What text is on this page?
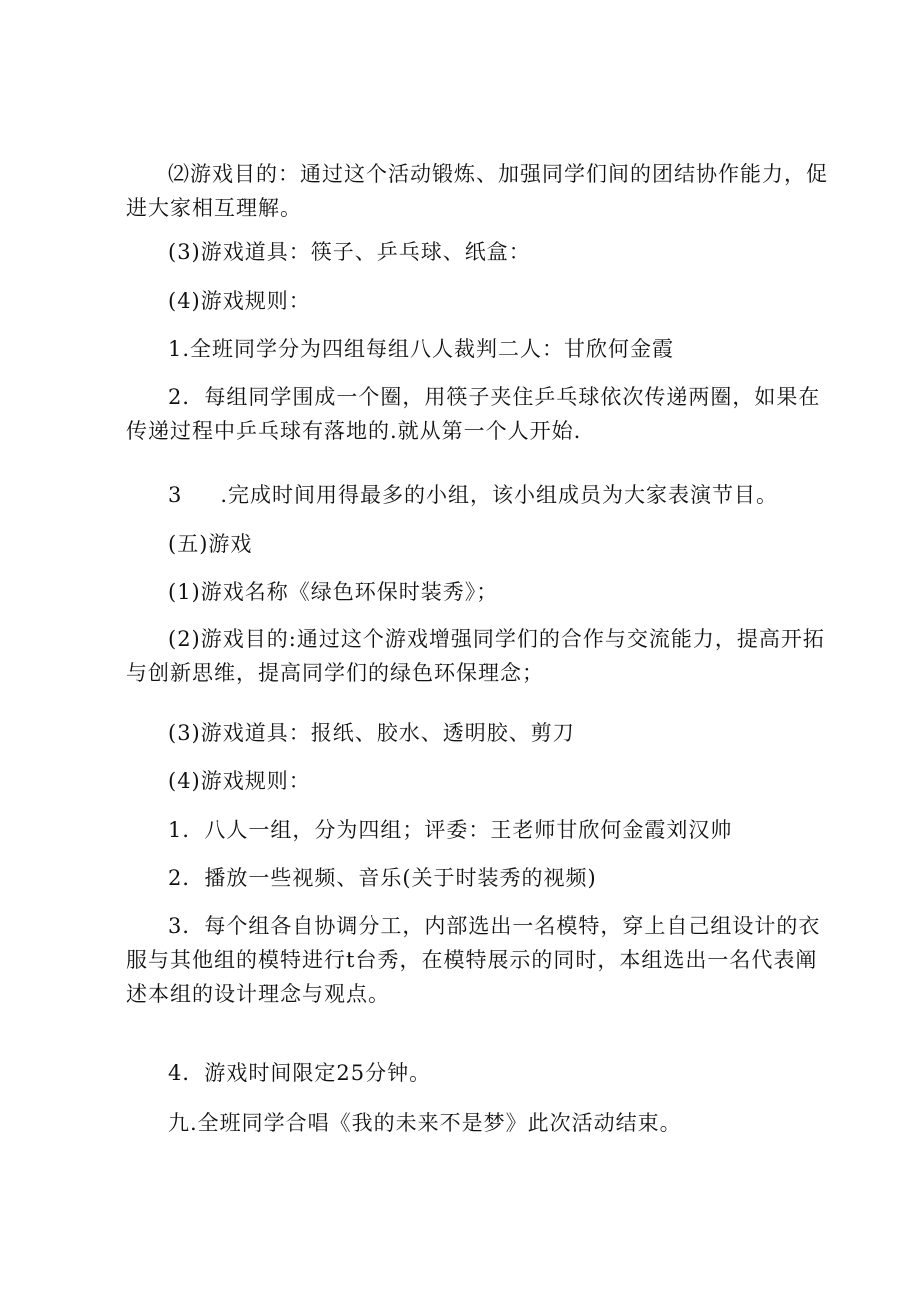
⑵游戏目的：通过这个活动锻炼、加强同学们间的团结协作能力，促进大家相互理解。

(3)游戏道具：筷子、乒乓球、纸盒：

(4)游戏规则：

1.全班同学分为四组每组八人裁判二人：甘欣何金霞

2．每组同学围成一个圈，用筷子夹住乒乓球依次传递两圈，如果在传递过程中乒乓球有落地的.就从第一个人开始.

3 .完成时间用得最多的小组，该小组成员为大家表演节目。

(五)游戏

(1)游戏名称《绿色环保时装秀》；

(2)游戏目的:通过这个游戏增强同学们的合作与交流能力，提高开拓与创新思维，提高同学们的绿色环保理念；

(3)游戏道具：报纸、胶水、透明胶、剪刀

(4)游戏规则：

1．八人一组，分为四组；评委：王老师甘欣何金霞刘汉帅

2．播放一些视频、音乐(关于时装秀的视频)

3．每个组各自协调分工，内部选出一名模特，穿上自己组设计的衣服与其他组的模特进行t台秀，在模特展示的同时，本组选出一名代表阐述本组的设计理念与观点。

4．游戏时间限定25分钟。

九.全班同学合唱《我的未来不是梦》此次活动结束。
